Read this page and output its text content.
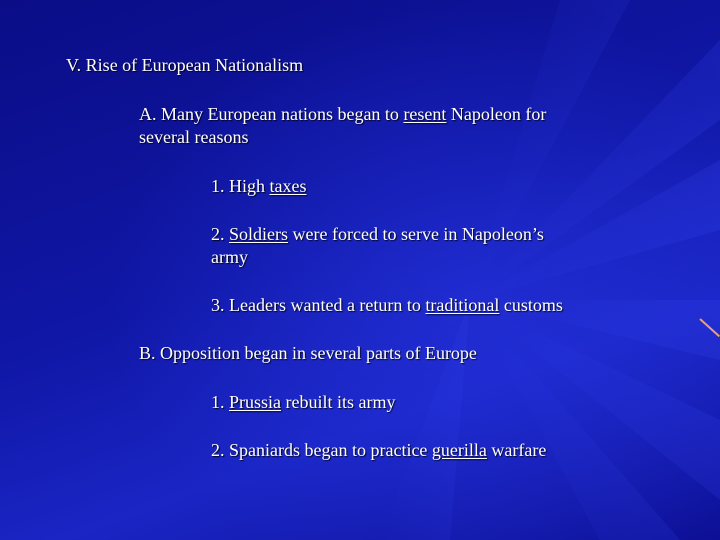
V. Rise of European Nationalism
A. Many European nations began to resent Napoleon for
several reasons
1. High taxes
2. Soldiers were forced to serve in Napoleon’s
army
3. Leaders wanted a return to traditional customs
B. Opposition began in several parts of Europe
1. Prussia rebuilt its army
2. Spaniards began to practice guerilla warfare
